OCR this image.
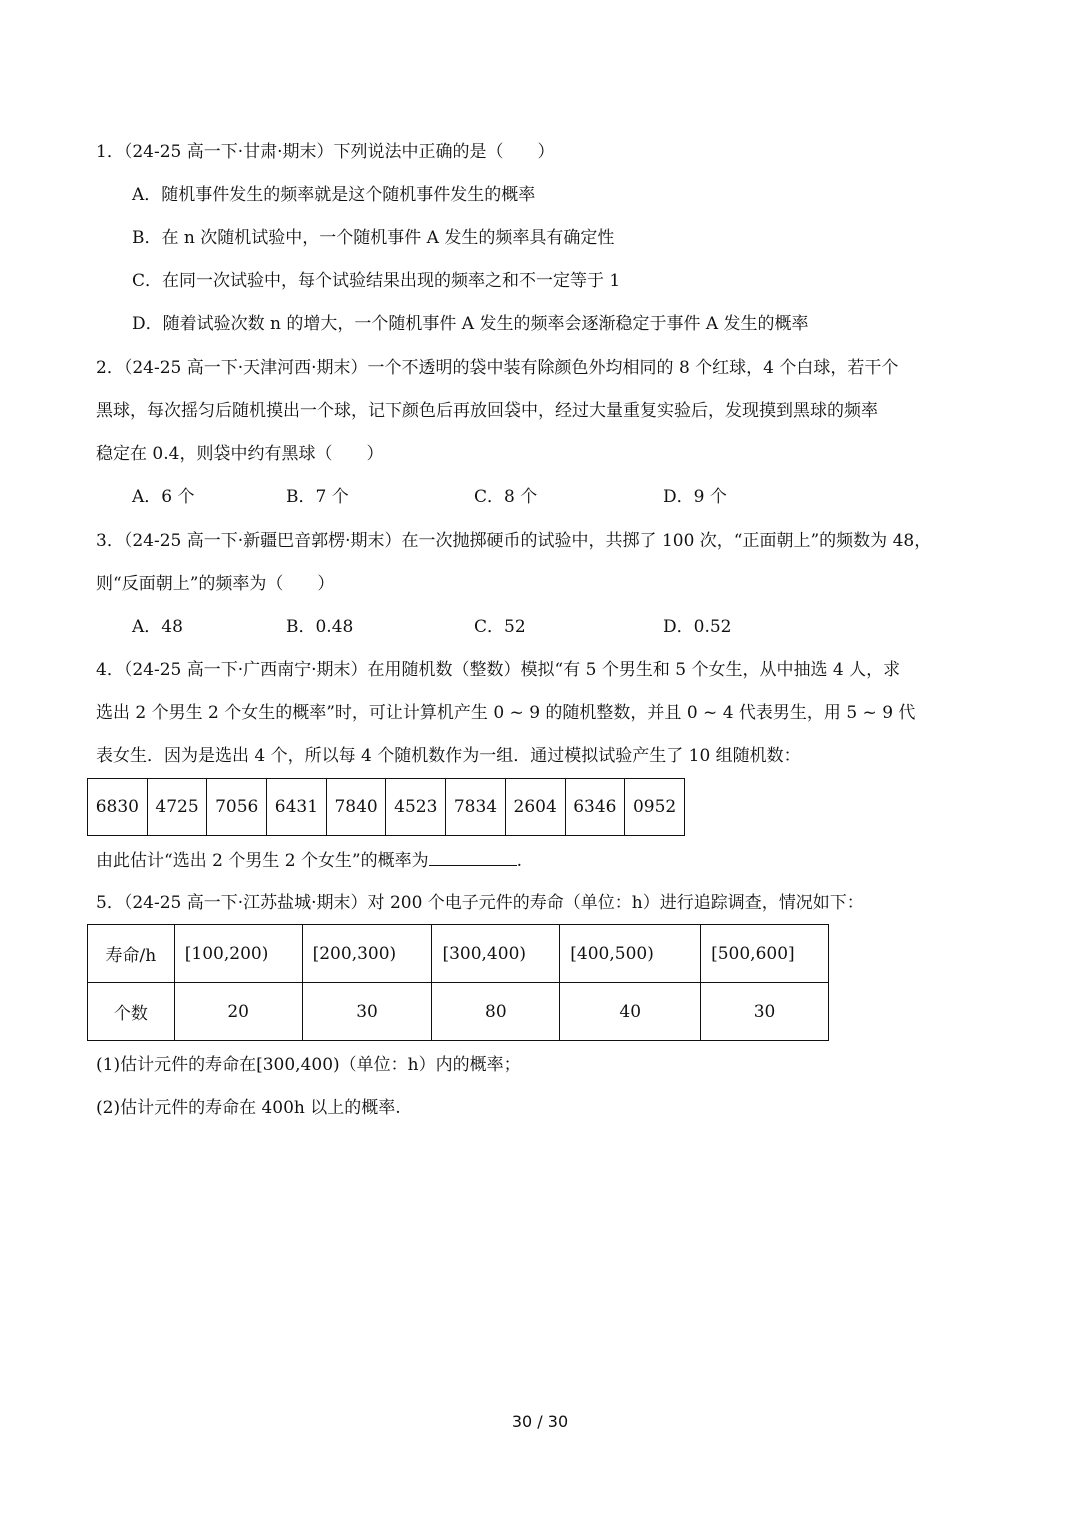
1．（24-25 高一下·甘肃·期末）下列说法中正确的是（　　）
A．随机事件发生的频率就是这个随机事件发生的概率
B．在 n 次随机试验中，一个随机事件 A 发生的频率具有确定性
C．在同一次试验中，每个试验结果出现的频率之和不一定等于 1
D．随着试验次数 n 的增大，一个随机事件 A 发生的频率会逐渐稳定于事件 A 发生的概率
2．（24-25 高一下·天津河西·期末）一个不透明的袋中装有除颜色外均相同的 8 个红球，4 个白球，若干个
黑球，每次摇匀后随机摸出一个球，记下颜色后再放回袋中，经过大量重复实验后，发现摸到黑球的频率
稳定在 0.4，则袋中约有黑球（　　）
A．6 个	B．7 个	C．8 个	D．9 个
3．（24-25 高一下·新疆巴音郭楞·期末）在一次抛掷硬币的试验中，共掷了 100 次，“正面朝上”的频数为 48，
则“反面朝上”的频率为（　　）
A．48	B．0.48	C．52	D．0.52
4．（24-25 高一下·广西南宁·期末）在用随机数（整数）模拟“有 5 个男生和 5 个女生，从中抽选 4 人，求
选出 2 个男生 2 个女生的概率”时，可让计算机产生 0 ~ 9 的随机整数，并且 0 ~ 4 代表男生，用 5 ~ 9 代
表女生．因为是选出 4 个，所以每 4 个随机数作为一组．通过模拟试验产生了 10 组随机数：
6830	4725	7056	6431	7840	4523	7834	2604	6346	0952
由此估计“选出 2 个男生 2 个女生”的概率为	.
5．（24-25 高一下·江苏盐城·期末）对 200 个电子元件的寿命（单位：h）进行追踪调查，情况如下：
寿命/h	[100,200)	[200,300)	[300,400)	[400,500)	[500,600]
个数	20	30	80	40	30
(1)估计元件的寿命在[300,400)（单位：h）内的概率；
(2)估计元件的寿命在 400h 以上的概率.
30 / 30
